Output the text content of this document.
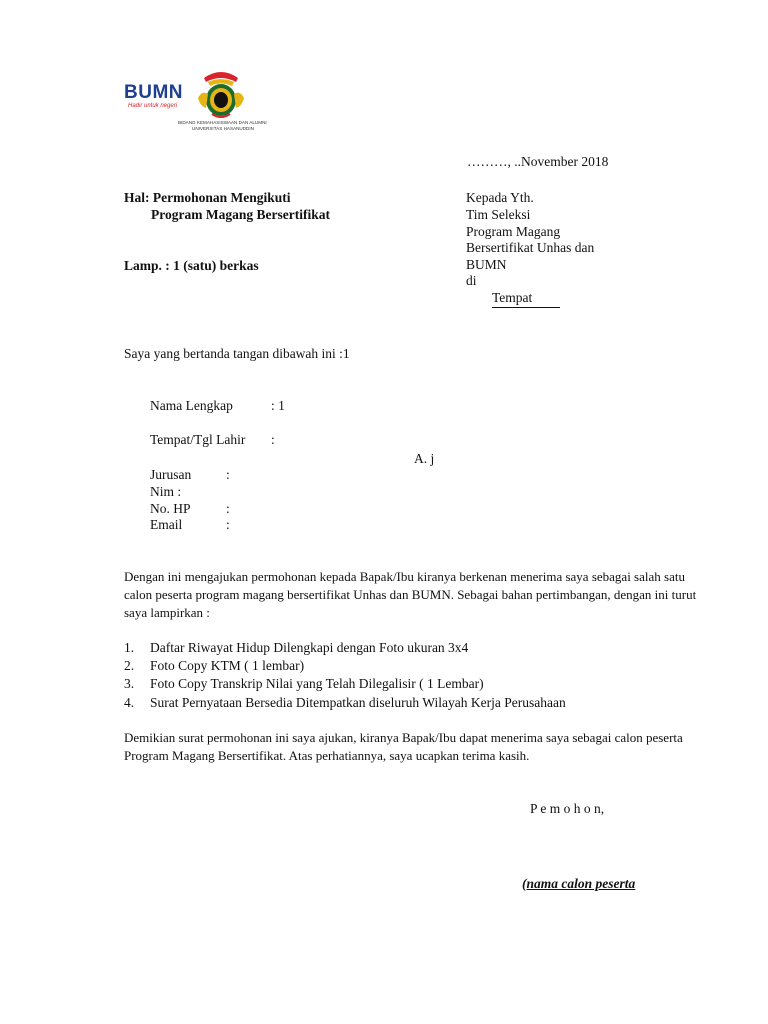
BUMN
Hadir untuk negeri
BIDANG KEMAHASISWAAN DAN ALUMNI
UNIVERSITAS HASANUDDIN
………, ..November 2018
Hal: Permohonan Mengikuti
Program Magang Bersertifikat
Lamp. : 1 (satu) berkas
Kepada Yth.
Tim Seleksi
Program Magang
Bersertifikat Unhas dan
BUMN
di
Tempat
Saya yang bertanda tangan dibawah ini :1
Nama Lengkap	: 1
Tempat/Tgl Lahir :
A. j
Jurusan	:
Nim :
No. HP	:
Email	:
Dengan ini mengajukan permohonan kepada Bapak/Ibu kiranya berkenan menerima saya sebagai salah satu calon peserta program magang bersertifikat Unhas dan BUMN. Sebagai bahan pertimbangan, dengan ini turut saya lampirkan :
1. Daftar Riwayat Hidup Dilengkapi dengan Foto ukuran 3x4
2. Foto Copy KTM ( 1 lembar)
3. Foto Copy Transkrip Nilai yang Telah Dilegalisir ( 1 Lembar)
4. Surat Pernyataan Bersedia Ditempatkan diseluruh Wilayah Kerja Perusahaan
Demikian surat permohonan ini saya ajukan, kiranya Bapak/Ibu dapat menerima saya sebagai calon peserta Program Magang Bersertifikat. Atas perhatiannya, saya ucapkan terima kasih.
P e m o h o n,
(nama calon peserta
